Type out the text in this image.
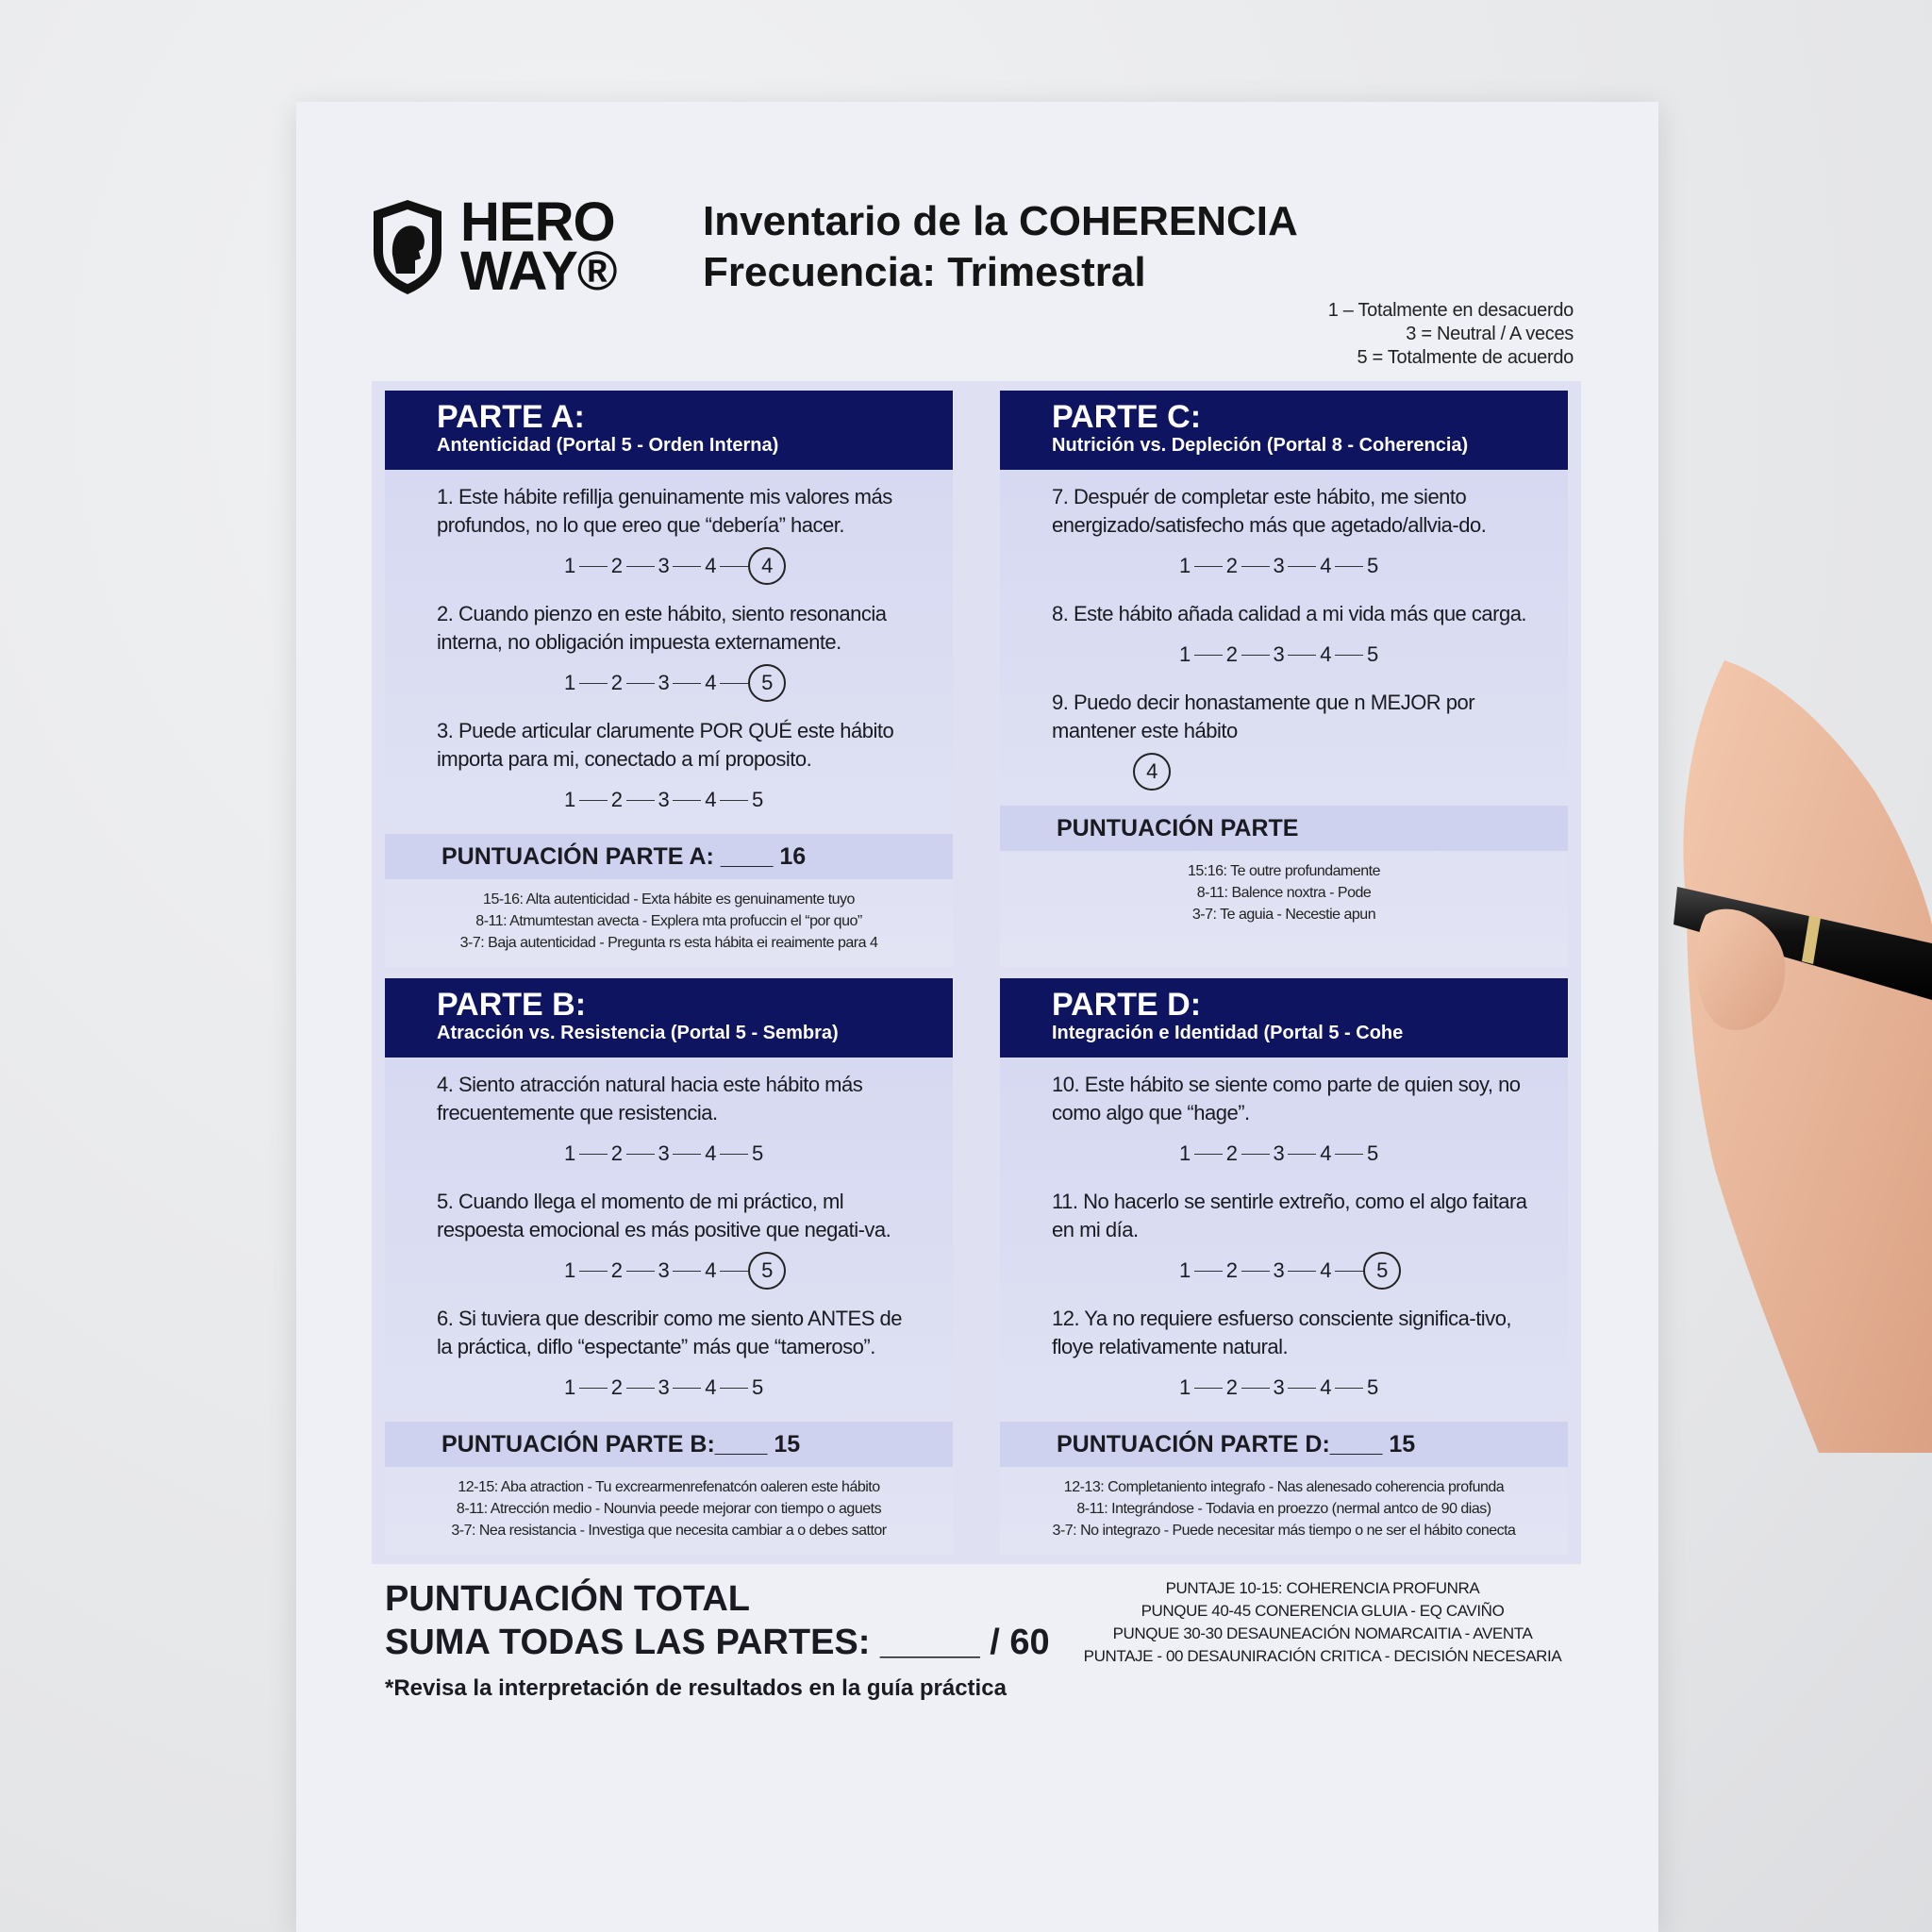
HERO
WAY®
Inventario de la COHERENCIA
Frecuencia: Trimestral
1 – Totalmente en desacuerdo
3 = Neutral / A veces
5 = Totalmente de acuerdo
PARTE A:
Antenticidad (Portal 5 - Orden Interna)
1. Este hábite refillja genuinamente mis valores más profundos, no lo que ereo que “debería” hacer.
1 2 3 4	4
2. Cuando pienzo en este hábito, siento resonancia interna, no obligación impuesta externamente.
1 2 3 4	5
3. Puede articular clarumente POR QUÉ este hábito importa para mi, conectado a mí proposito.
1 2 3 4 5
PUNTUACIÓN PARTE A: ____ 16
15-16: Alta autenticidad - Exta hábite es genuinamente tuyo
8-11: Atmumtestan avecta - Explera mta profuccin el “por quo”
3-7: Baja autenticidad - Pregunta rs esta hábita ei reaimente para 4
PARTE C:
Nutrición vs. Depleción (Portal 8 - Coherencia)
7. Despuér de completar este hábito, me siento energizado/satisfecho más que agetado/allvia-do.
1 2 3 4 5
8. Este hábito añada calidad a mi vida más que carga.
1 2 3 4 5
9. Puedo decir honastamente que n MEJOR por mantener este hábito
4
PUNTUACIÓN PARTE
15:16: Te outre profundamente
8-11: Balence noxtra - Pode
3-7: Te aguia - Necestie apun
PARTE B:
Atracción vs. Resistencia (Portal 5 - Sembra)
4. Siento atracción natural hacia este hábito más frecuentemente que resistencia.
1 2 3 4 5
5. Cuando llega el momento de mi práctico, ml respoesta emocional es más positive que negati-va.
1 2 3 4	5
6. Si tuviera que describir como me siento ANTES de la práctica, diflo “espectante” más que “tameroso”.
1 2 3 4 5
PUNTUACIÓN PARTE B:____ 15
12-15: Aba atraction - Tu excrearmenrefenatcón oaleren este hábito
8-11: Atrección medio - Nounvia peede mejorar con tiempo o aguets
3-7: Nea resistancia - Investiga que necesita cambiar a o debes sattor
PARTE D:
Integración e Identidad (Portal 5 - Cohe
10. Este hábito se siente como parte de quien soy, no como algo que “hage”.
1 2 3 4 5
11. No hacerlo se sentirle extreño, como el algo faitara en mi día.
1 2 3 4	5
12. Ya no requiere esfuerso consciente significa-tivo, floye relativamente natural.
1 2 3 4 5
PUNTUACIÓN PARTE D:____ 15
12-13: Completaniento integrafo - Nas alenesado coherencia profunda
8-11: Integrándose - Todavia en proezzo (nermal antco de 90 dias)
3-7: No integrazo - Puede necesitar más tiempo o ne ser el hábito conecta
PUNTUACIÓN TOTAL
SUMA TODAS LAS PARTES: _____ / 60
PUNTAJE 10-15: COHERENCIA PROFUNRA
PUNQUE 40-45 CONERENCIA GLUIA - EQ CAVIÑO
PUNQUE 30-30 DESAUNEACIÓN NOMARCAITIA - AVENTA
PUNTAJE - 00 DESAUNIRACIÓN CRITICA - DECISIÓN NECESARIA
*Revisa la interpretación de resultados en la guía práctica
